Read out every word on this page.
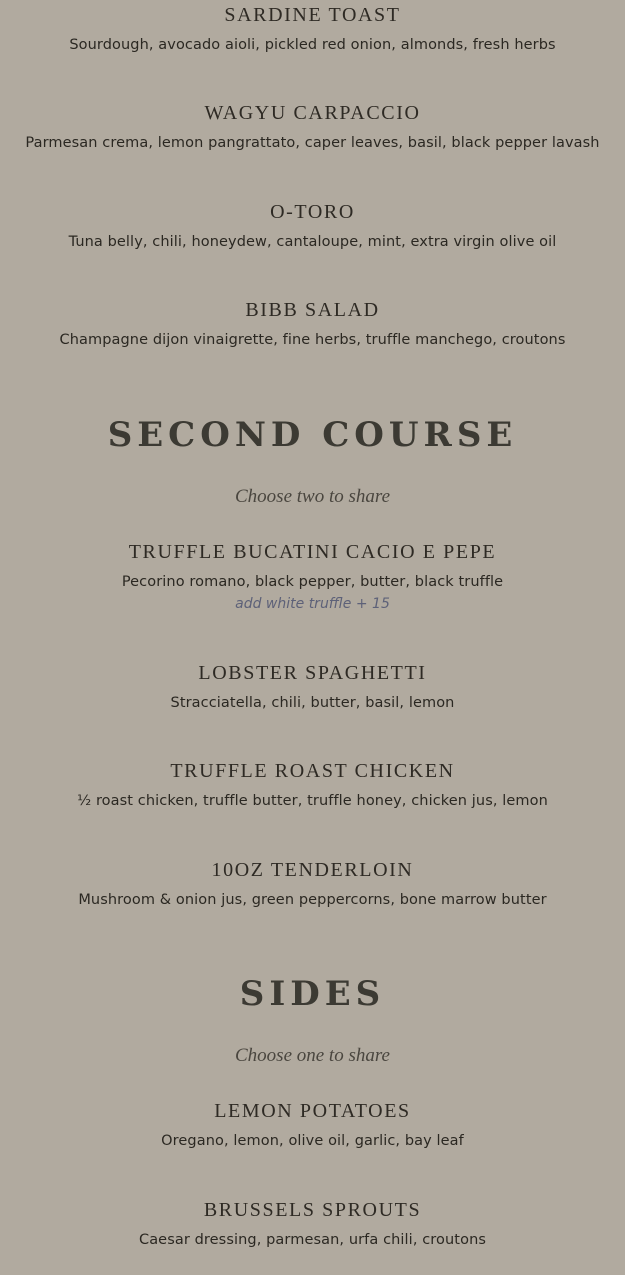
SARDINE TOAST
Sourdough, avocado aioli, pickled red onion, almonds, fresh herbs
WAGYU CARPACCIO
Parmesan crema, lemon pangrattato, caper leaves, basil, black pepper lavash
O-TORO
Tuna belly, chili, honeydew, cantaloupe, mint, extra virgin olive oil
BIBB SALAD
Champagne dijon vinaigrette, fine herbs, truffle manchego, croutons
SECOND COURSE
Choose two to share
TRUFFLE BUCATINI CACIO E PEPE
Pecorino romano, black pepper, butter, black truffle
add white truffle + 15
LOBSTER SPAGHETTI
Stracciatella, chili, butter, basil, lemon
TRUFFLE ROAST CHICKEN
½ roast chicken, truffle butter, truffle honey, chicken jus, lemon
10OZ TENDERLOIN
Mushroom & onion jus, green peppercorns, bone marrow butter
SIDES
Choose one to share
LEMON POTATOES
Oregano, lemon, olive oil, garlic, bay leaf
BRUSSELS SPROUTS
Caesar dressing, parmesan, urfa chili, croutons
